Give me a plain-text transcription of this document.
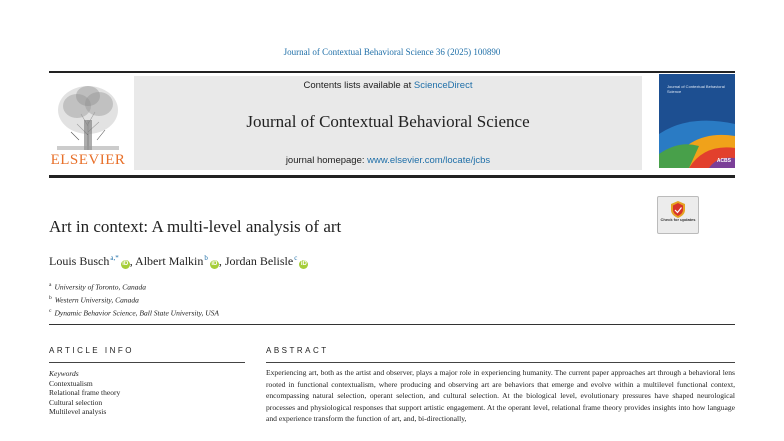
Journal of Contextual Behavioral Science 36 (2025) 100890
ELSEVIER
Contents lists available at ScienceDirect
Journal of Contextual Behavioral Science
journal homepage: www.elsevier.com/locate/jcbs
Journal of Contextual Behavioral Science
ACBS
Art in context: A multi-level analysis of art	Check for updates
Louis Busch$^{a,*}$iD , Albert Malkin$^b$iD , Jordan Belisle$^c$iD
$^a$ University of Toronto, Canada
$^b$ Western University, Canada
$^c$ Dynamic Behavior Science, Ball State University, USA
ARTICLE INFO	ABSTRACT
Keywords
Contextualism
Relational frame theory
Cultural selection
Multilevel analysis
Experiencing art, both as the artist and observer, plays a major role in experiencing humanity. The current paper approaches art through a behavioral lens rooted in functional contextualism, where producing and observing art are behaviors that emerge and evolve within a multilevel functional context, encompassing natural selection, operant selection, and cultural selection. At the biological level, evolutionary pressures have shaped neurological processes and physiological responses that support artistic engagement. At the operant level, relational frame theory provides insights into how language and experience transform the function of art, and, bi-directionally,
